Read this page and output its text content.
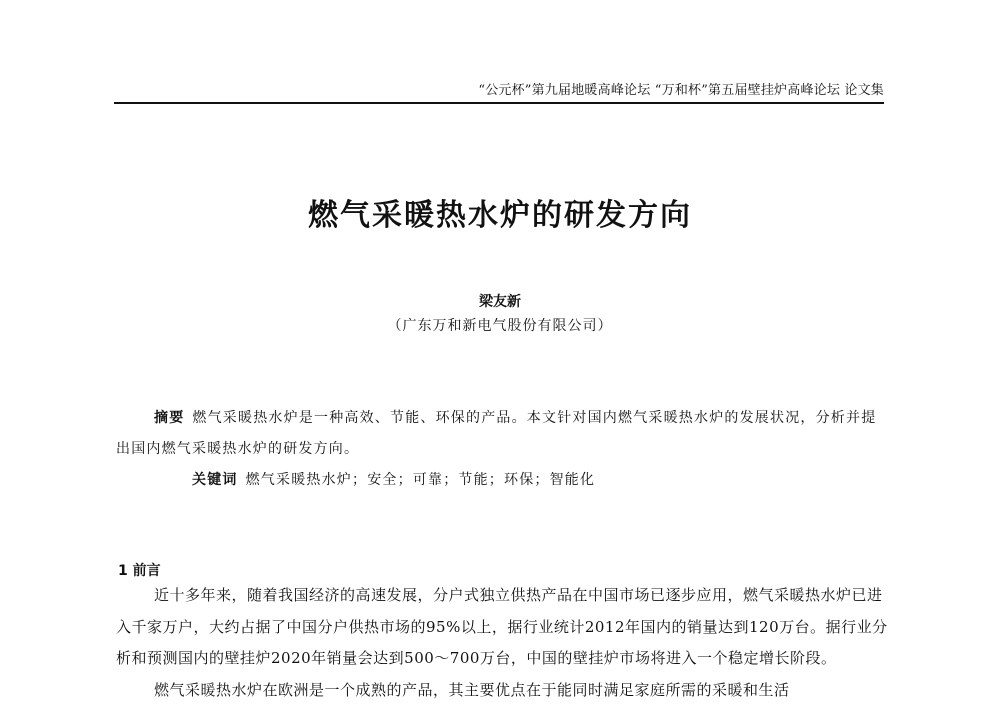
“公元杯”第九届地暖高峰论坛 “万和杯”第五届壁挂炉高峰论坛 论文集
燃气采暖热水炉的研发方向
梁友新
（广东万和新电气股份有限公司）

摘要 燃气采暖热水炉是一种高效、节能、环保的产品。本文针对国内燃气采暖热水炉的发展状况，分析并提出国内燃气采暖热水炉的研发方向。

关键词 燃气采暖热水炉；安全；可靠；节能；环保；智能化

1 前言

近十多年来，随着我国经济的高速发展，分户式独立供热产品在中国市场已逐步应用，燃气采暖热水炉已进入千家万户，大约占据了中国分户供热市场的95%以上，据行业统计2012年国内的销量达到120万台。据行业分析和预测国内的壁挂炉2020年销量会达到500～700万台，中国的壁挂炉市场将进入一个稳定增长阶段。

燃气采暖热水炉在欧洲是一个成熟的产品，其主要优点在于能同时满足家庭所需的采暖和生活
